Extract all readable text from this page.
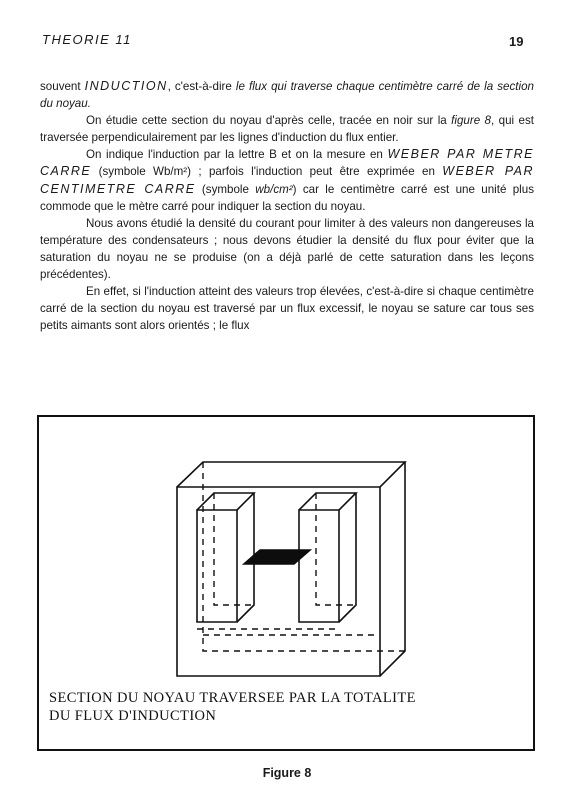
THEORIE 11	19

souvent INDUCTION, c'est-à-dire le flux qui traverse chaque centimètre carré de la section du noyau.

On étudie cette section du noyau d'après celle, tracée en noir sur la figure 8, qui est traversée perpendiculairement par les lignes d'induction du flux entier.

On indique l'induction par la lettre B et on la mesure en WEBER PAR METRE CARRE (symbole Wb/m²) ; parfois l'induction peut être exprimée en WEBER PAR CENTIMETRE CARRE (symbole wb/cm²) car le centimètre carré est une unité plus commode que le mètre carré pour indiquer la section du noyau.

Nous avons étudié la densité du courant pour limiter à des valeurs non dangereuses la température des condensateurs ; nous devons étudier la densité du flux pour éviter que la saturation du noyau ne se produise (on a déjà parlé de cette saturation dans les leçons précédentes).

En effet, si l'induction atteint des valeurs trop élevées, c'est-à-dire si chaque centimètre carré de la section du noyau est traversé par un flux excessif, le noyau se sature car tous ses petits aimants sont alors orientés ; le flux

SECTION DU NOYAU TRAVERSEE PAR LA TOTALITE
DU FLUX D'INDUCTION
Figure 8
